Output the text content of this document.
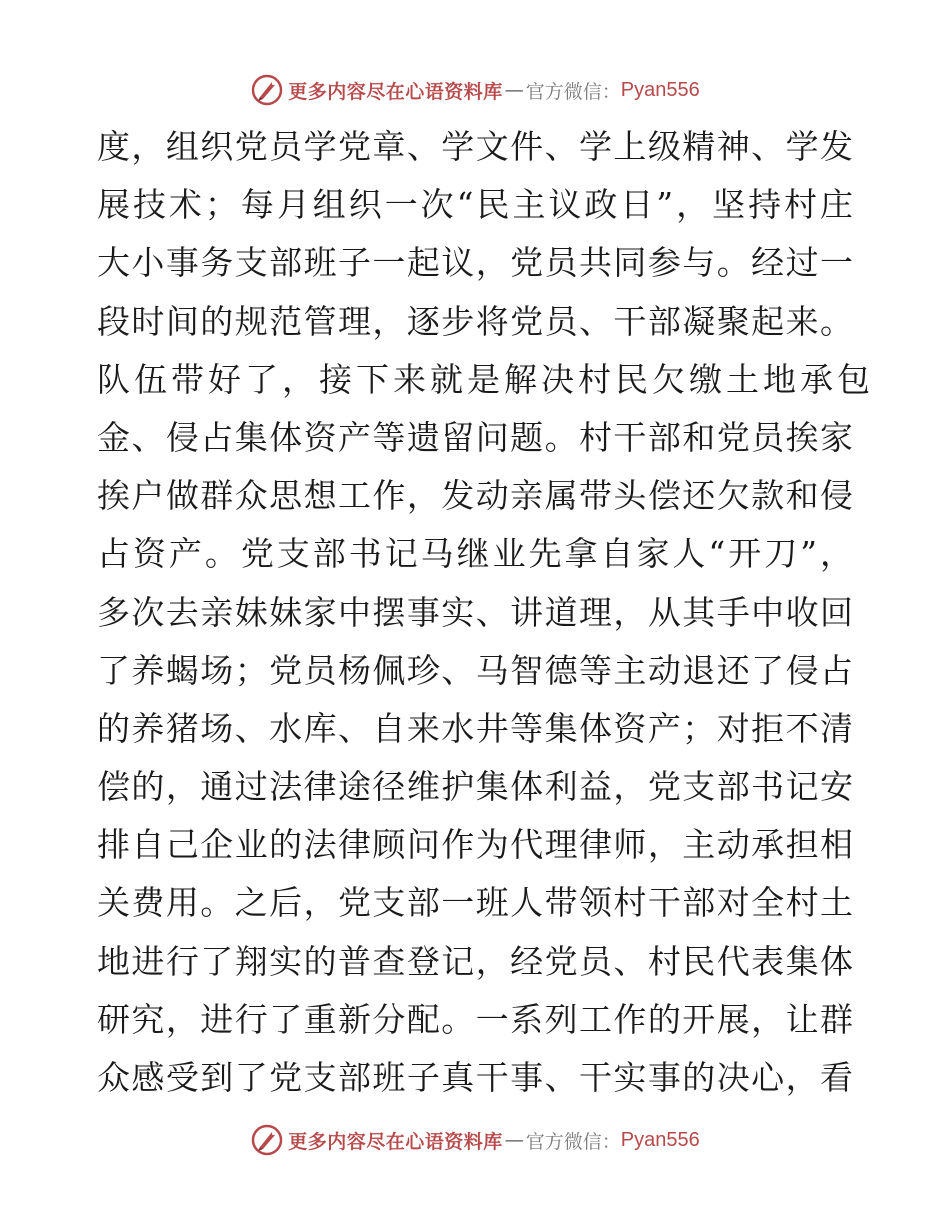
更多内容尽在心语资料库 — 官方微信： Pyan556
度，组织党员学党章、学文件、学上级精神、学发
展技术；每月组织一次“民主议政日”，坚持村庄
大小事务支部班子一起议，党员共同参与。经过一
段时间的规范管理，逐步将党员、干部凝聚起来。
队伍带好了，接下来就是解决村民欠缴土地承包
金、侵占集体资产等遗留问题。村干部和党员挨家
挨户做群众思想工作，发动亲属带头偿还欠款和侵
占资产。党支部书记马继业先拿自家人“开刀”，
多次去亲妹妹家中摆事实、讲道理，从其手中收回
了养蝎场；党员杨佩珍、马智德等主动退还了侵占
的养猪场、水库、自来水井等集体资产；对拒不清
偿的，通过法律途径维护集体利益，党支部书记安
排自己企业的法律顾问作为代理律师，主动承担相
关费用。之后，党支部一班人带领村干部对全村土
地进行了翔实的普查登记，经党员、村民代表集体
研究，进行了重新分配。一系列工作的开展，让群
众感受到了党支部班子真干事、干实事的决心，看
更多内容尽在心语资料库 — 官方微信： Pyan556
